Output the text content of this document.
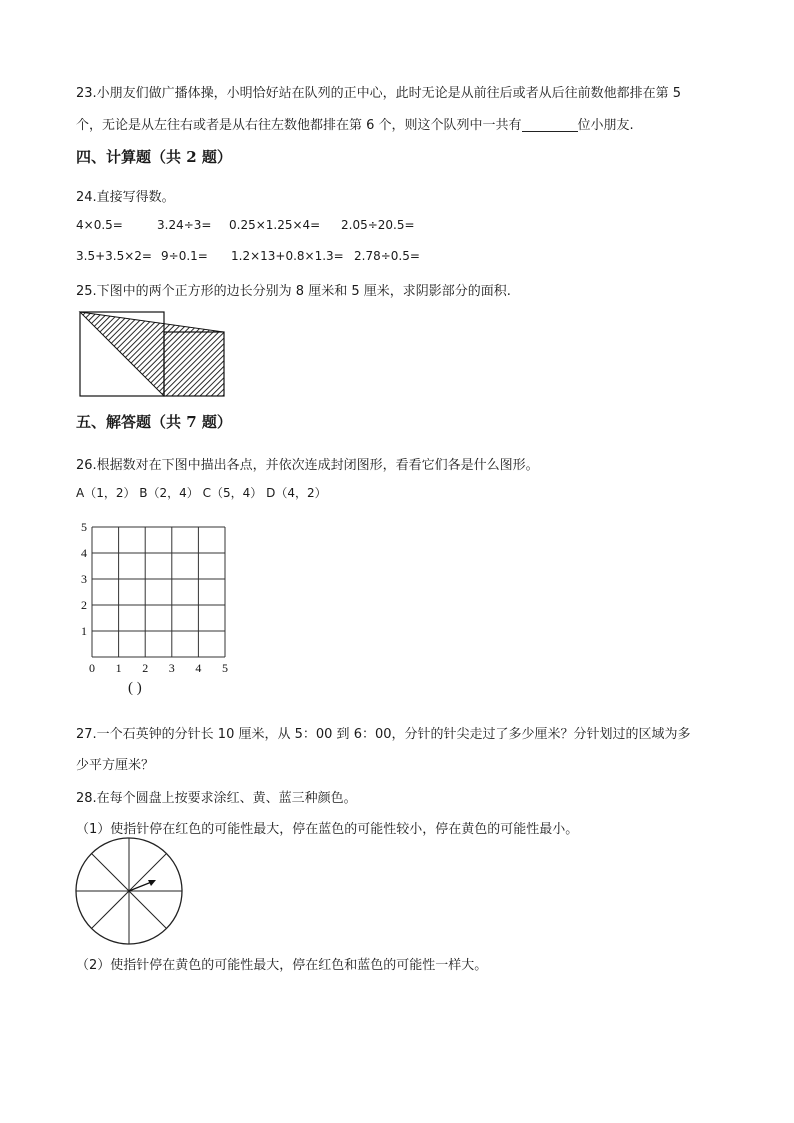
23.小朋友们做广播体操，小明恰好站在队列的正中心，此时无论是从前往后或者从后往前数他都排在第 5
个，无论是从左往右或者是从右往左数他都排在第 6 个，则这个队列中一共有	位小朋友.
四、计算题（共 2 题）
24.直接写得数。
4×0.5=	3.24÷3= 0.25×1.25×4= 2.05÷20.5=
3.5+3.5×2= 9÷0.1= 1.2×13+0.8×1.3= 2.78÷0.5=
25.下图中的两个正方形的边长分别为 8 厘米和 5 厘米，求阴影部分的面积.
五、解答题（共 7 题）
26.根据数对在下图中描出各点，并依次连成封闭图形，看看它们各是什么图形。
A（1，2） B（2，4） C（5，4） D（4，2）
5
4
3
2
1
0 1 2 3 4 5
( )
27.一个石英钟的分针长 10 厘米，从 5：00 到 6：00，分针的针尖走过了多少厘米？分针划过的区域为多
少平方厘米？
28.在每个圆盘上按要求涂红、黄、蓝三种颜色。
（1）使指针停在红色的可能性最大，停在蓝色的可能性较小，停在黄色的可能性最小。
（2）使指针停在黄色的可能性最大，停在红色和蓝色的可能性一样大。
